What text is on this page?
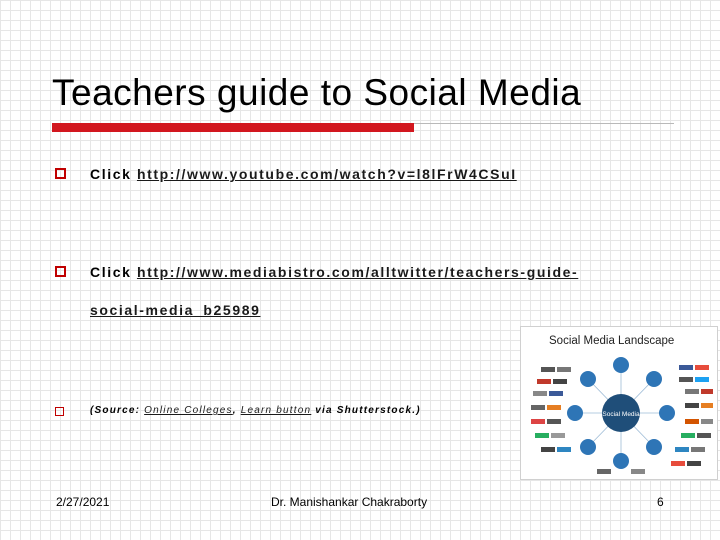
Teachers guide to Social Media
Click http://www.youtube.com/watch?v=l8lFrW4CSuI
Click http://www.mediabistro.com/alltwitter/teachers-guide-
social-media_b25989
(Source: Online Colleges, Learn button via Shutterstock.)
Social Media Landscape
Social Media
2/27/2021	Dr. Manishankar Chakraborty	6
